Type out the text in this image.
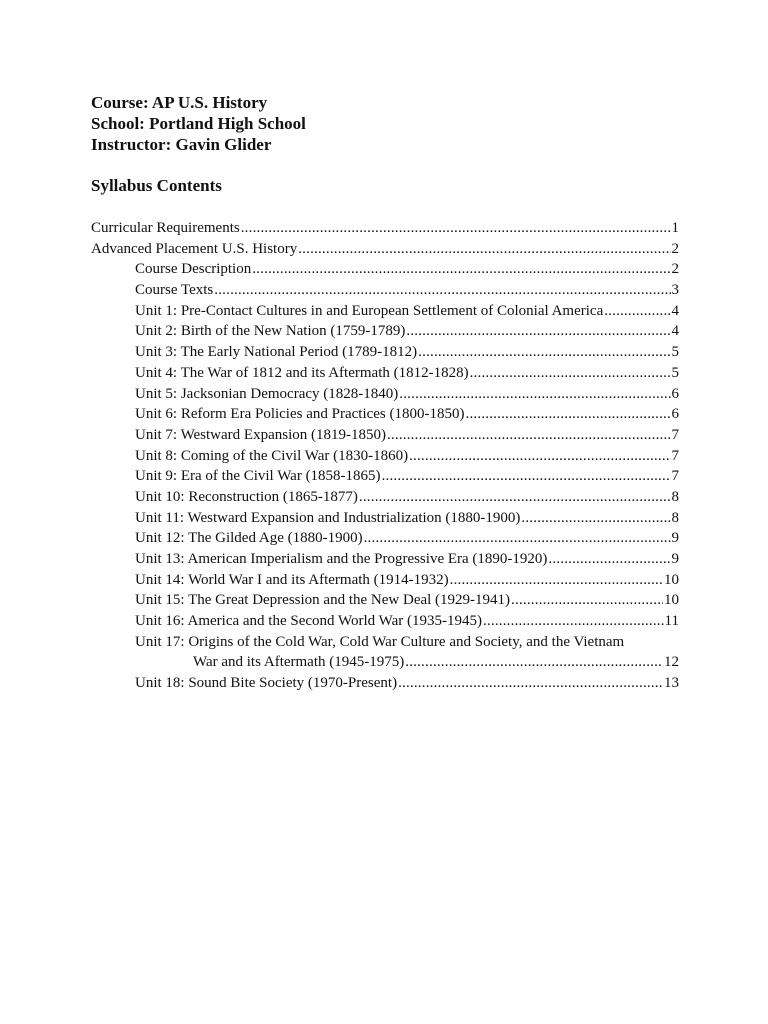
Course: AP U.S. History
School: Portland High School
Instructor: Gavin Glider
Syllabus Contents
Curricular Requirements .....	1
Advanced Placement U.S. History .....	2
Course Description .....	2
Course Texts .....	3
Unit 1: Pre-Contact Cultures in and European Settlement of Colonial America .....	4
Unit 2: Birth of the New Nation (1759-1789) .....	4
Unit 3: The Early National Period (1789-1812) .....	5
Unit 4: The War of 1812 and its Aftermath (1812-1828) .....	5
Unit 5: Jacksonian Democracy (1828-1840) .....	6
Unit 6: Reform Era Policies and Practices (1800-1850) .....	6
Unit 7: Westward Expansion (1819-1850) .....	7
Unit 8: Coming of the Civil War (1830-1860) .....	7
Unit 9: Era of the Civil War (1858-1865) .....	7
Unit 10: Reconstruction (1865-1877) .....	8
Unit 11: Westward Expansion and Industrialization (1880-1900) .....	8
Unit 12: The Gilded Age (1880-1900) .....	9
Unit 13: American Imperialism and the Progressive Era (1890-1920) .....	9
Unit 14: World War I and its Aftermath (1914-1932) .....	10
Unit 15: The Great Depression and the New Deal (1929-1941) .....	10
Unit 16: America and the Second World War (1935-1945) .....	11
Unit 17: Origins of the Cold War, Cold War Culture and Society, and the Vietnam
War and its Aftermath (1945-1975) .....	12
Unit 18: Sound Bite Society (1970-Present) .....	13
